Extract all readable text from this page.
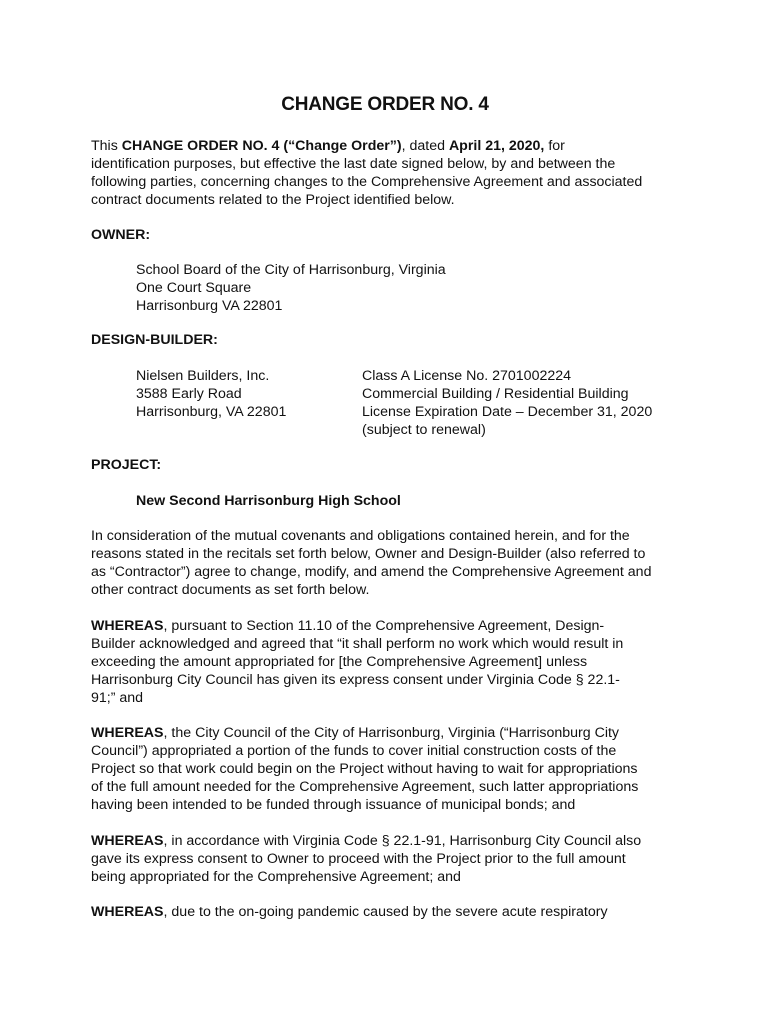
CHANGE ORDER NO. 4
This CHANGE ORDER NO. 4 (“Change Order”), dated April 21, 2020, for
identification purposes, but effective the last date signed below, by and between the
following parties, concerning changes to the Comprehensive Agreement and associated
contract documents related to the Project identified below.
OWNER:
School Board of the City of Harrisonburg, Virginia
One Court Square
Harrisonburg VA 22801
DESIGN-BUILDER:
Nielsen Builders, Inc.
3588 Early Road
Harrisonburg, VA 22801
Class A License No. 2701002224
Commercial Building / Residential Building
License Expiration Date – December 31, 2020
(subject to renewal)
PROJECT:
New Second Harrisonburg High School
In consideration of the mutual covenants and obligations contained herein, and for the
reasons stated in the recitals set forth below, Owner and Design-Builder (also referred to
as “Contractor”) agree to change, modify, and amend the Comprehensive Agreement and
other contract documents as set forth below.
WHEREAS, pursuant to Section 11.10 of the Comprehensive Agreement, Design-
Builder acknowledged and agreed that “it shall perform no work which would result in
exceeding the amount appropriated for [the Comprehensive Agreement] unless
Harrisonburg City Council has given its express consent under Virginia Code § 22.1-
91;” and
WHEREAS, the City Council of the City of Harrisonburg, Virginia (“Harrisonburg City
Council”) appropriated a portion of the funds to cover initial construction costs of the
Project so that work could begin on the Project without having to wait for appropriations
of the full amount needed for the Comprehensive Agreement, such latter appropriations
having been intended to be funded through issuance of municipal bonds; and
WHEREAS, in accordance with Virginia Code § 22.1-91, Harrisonburg City Council also
gave its express consent to Owner to proceed with the Project prior to the full amount
being appropriated for the Comprehensive Agreement; and
WHEREAS, due to the on-going pandemic caused by the severe acute respiratory
